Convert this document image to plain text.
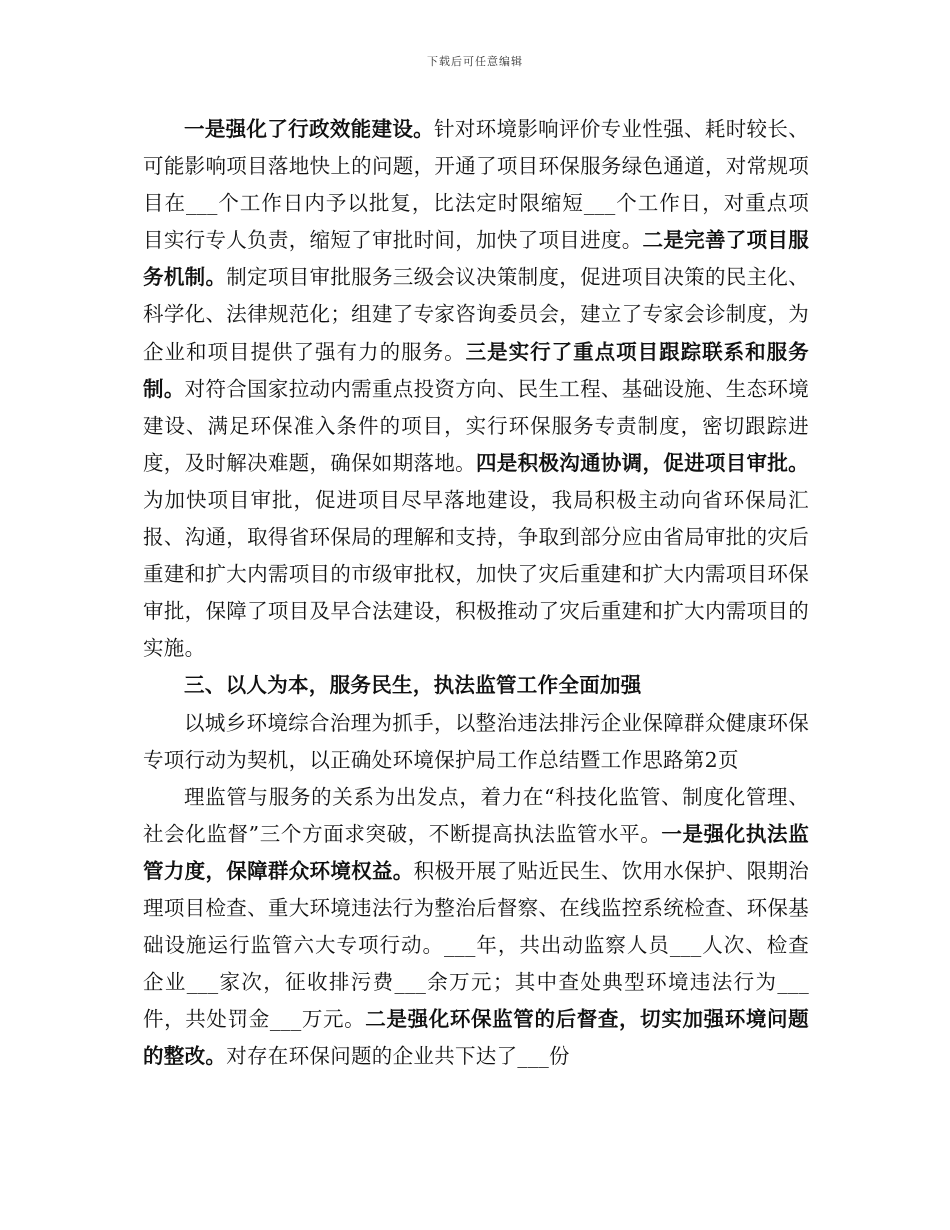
下载后可任意编辑

一是强化了行政效能建设。针对环境影响评价专业性强、耗时较长、可能影响项目落地快上的问题，开通了项目环保服务绿色通道，对常规项目在___个工作日内予以批复，比法定时限缩短___个工作日，对重点项目实行专人负责，缩短了审批时间，加快了项目进度。二是完善了项目服务机制。制定项目审批服务三级会议决策制度，促进项目决策的民主化、科学化、法律规范化；组建了专家咨询委员会，建立了专家会诊制度，为企业和项目提供了强有力的服务。三是实行了重点项目跟踪联系和服务制。对符合国家拉动内需重点投资方向、民生工程、基础设施、生态环境建设、满足环保准入条件的项目，实行环保服务专责制度，密切跟踪进度，及时解决难题，确保如期落地。四是积极沟通协调，促进项目审批。为加快项目审批，促进项目尽早落地建设，我局积极主动向省环保局汇报、沟通，取得省环保局的理解和支持，争取到部分应由省局审批的灾后重建和扩大内需项目的市级审批权，加快了灾后重建和扩大内需项目环保审批，保障了项目及早合法建设，积极推动了灾后重建和扩大内需项目的实施。

三、以人为本，服务民生，执法监管工作全面加强

以城乡环境综合治理为抓手，以整治违法排污企业保障群众健康环保专项行动为契机，以正确处环境保护局工作总结暨工作思路第2页

理监管与服务的关系为出发点，着力在“科技化监管、制度化管理、社会化监督”三个方面求突破，不断提高执法监管水平。一是强化执法监管力度，保障群众环境权益。积极开展了贴近民生、饮用水保护、限期治理项目检查、重大环境违法行为整治后督察、在线监控系统检查、环保基础设施运行监管六大专项行动。___年，共出动监察人员___人次、检查企业___家次，征收排污费___余万元；其中查处典型环境违法行为___件，共处罚金___万元。二是强化环保监管的后督查，切实加强环境问题的整改。对存在环保问题的企业共下达了___份
